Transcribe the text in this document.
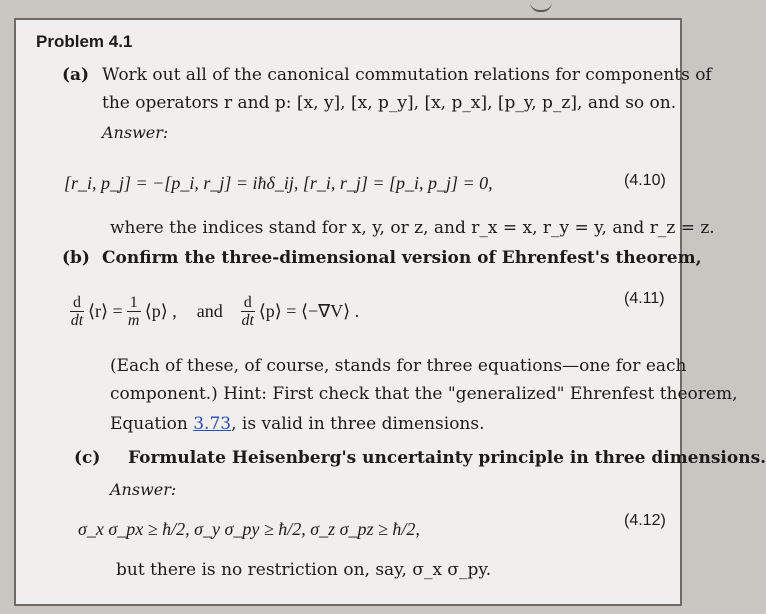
Problem 4.1
(a) Work out all of the canonical commutation relations for components of
the operators r and p: [x, y], [x, p_y], [x, p_x], [p_y, p_z], and so on.
Answer:
[r_i, p_j] = −[p_i, r_j] = iħδ_ij, [r_i, r_j] = [p_i, p_j] = 0,	(4.10)
where the indices stand for x, y, or z, and r_x = x, r_y = y, and r_z = z.
(b) Confirm the three-dimensional version of Ehrenfest's theorem,
$\frac{d}{dt}$ ⟨r⟩ = $\frac{1}{m}$ ⟨p⟩ , and $\frac{d}{dt}$ ⟨p⟩ = ⟨−∇V⟩ .
(4.11)
(Each of these, of course, stands for three equations—one for each
component.) Hint: First check that the "generalized" Ehrenfest theorem,
Equation 3.73, is valid in three dimensions.
(c) Formulate Heisenberg's uncertainty principle in three dimensions.
Answer:
σ_x σ_px ≥ ħ/2, σ_y σ_py ≥ ħ/2, σ_z σ_pz ≥ ħ/2,	(4.12)
but there is no restriction on, say, σ_x σ_py.
